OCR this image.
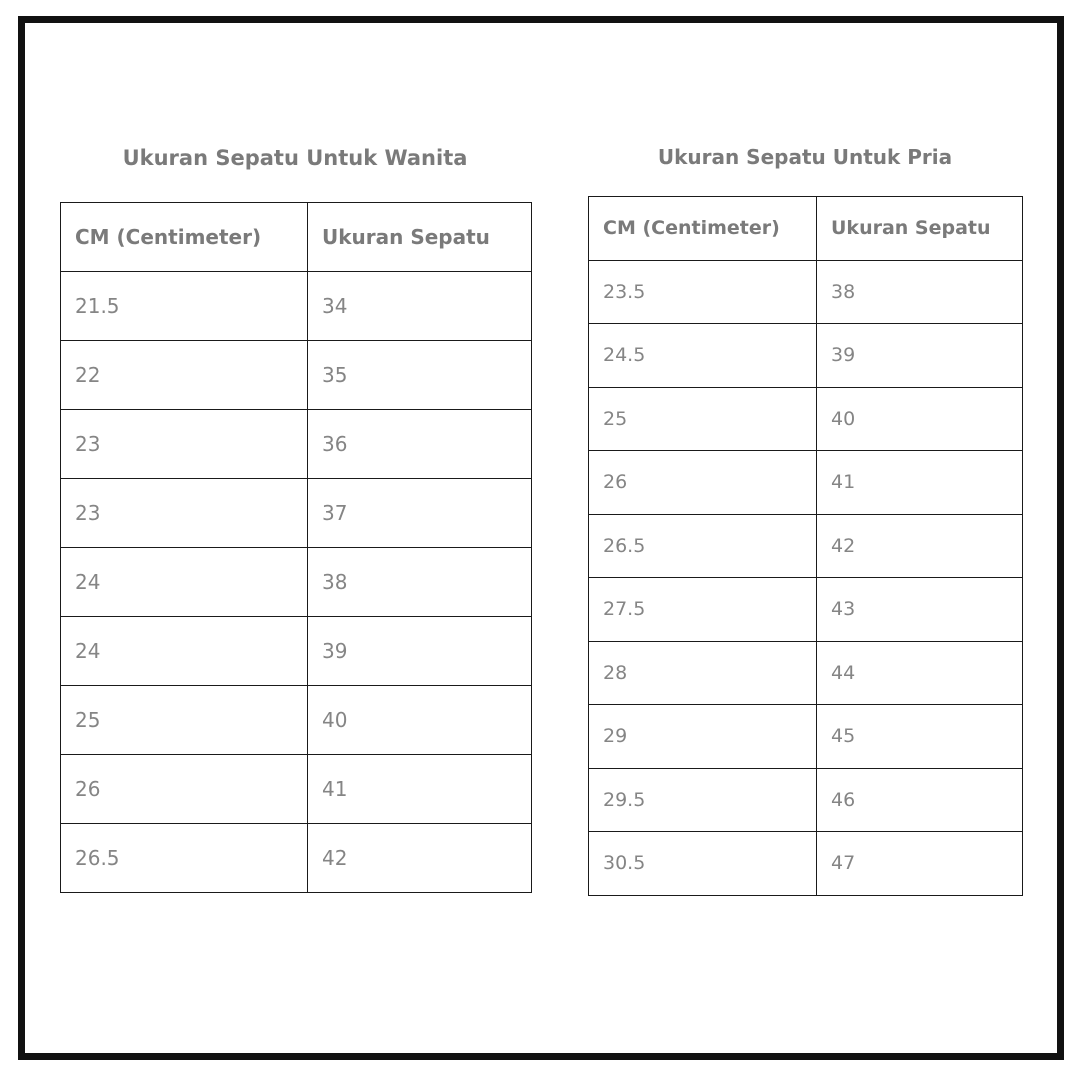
Ukuran Sepatu Untuk Wanita	Ukuran Sepatu Untuk Pria
CM (Centimeter)	Ukuran Sepatu
21.5	34
22	35
23	36
23	37
24	38
24	39
25	40
26	41
26.5	42
CM (Centimeter)	Ukuran Sepatu
23.5	38
24.5	39
25	40
26	41
26.5	42
27.5	43
28	44
29	45
29.5	46
30.5	47
